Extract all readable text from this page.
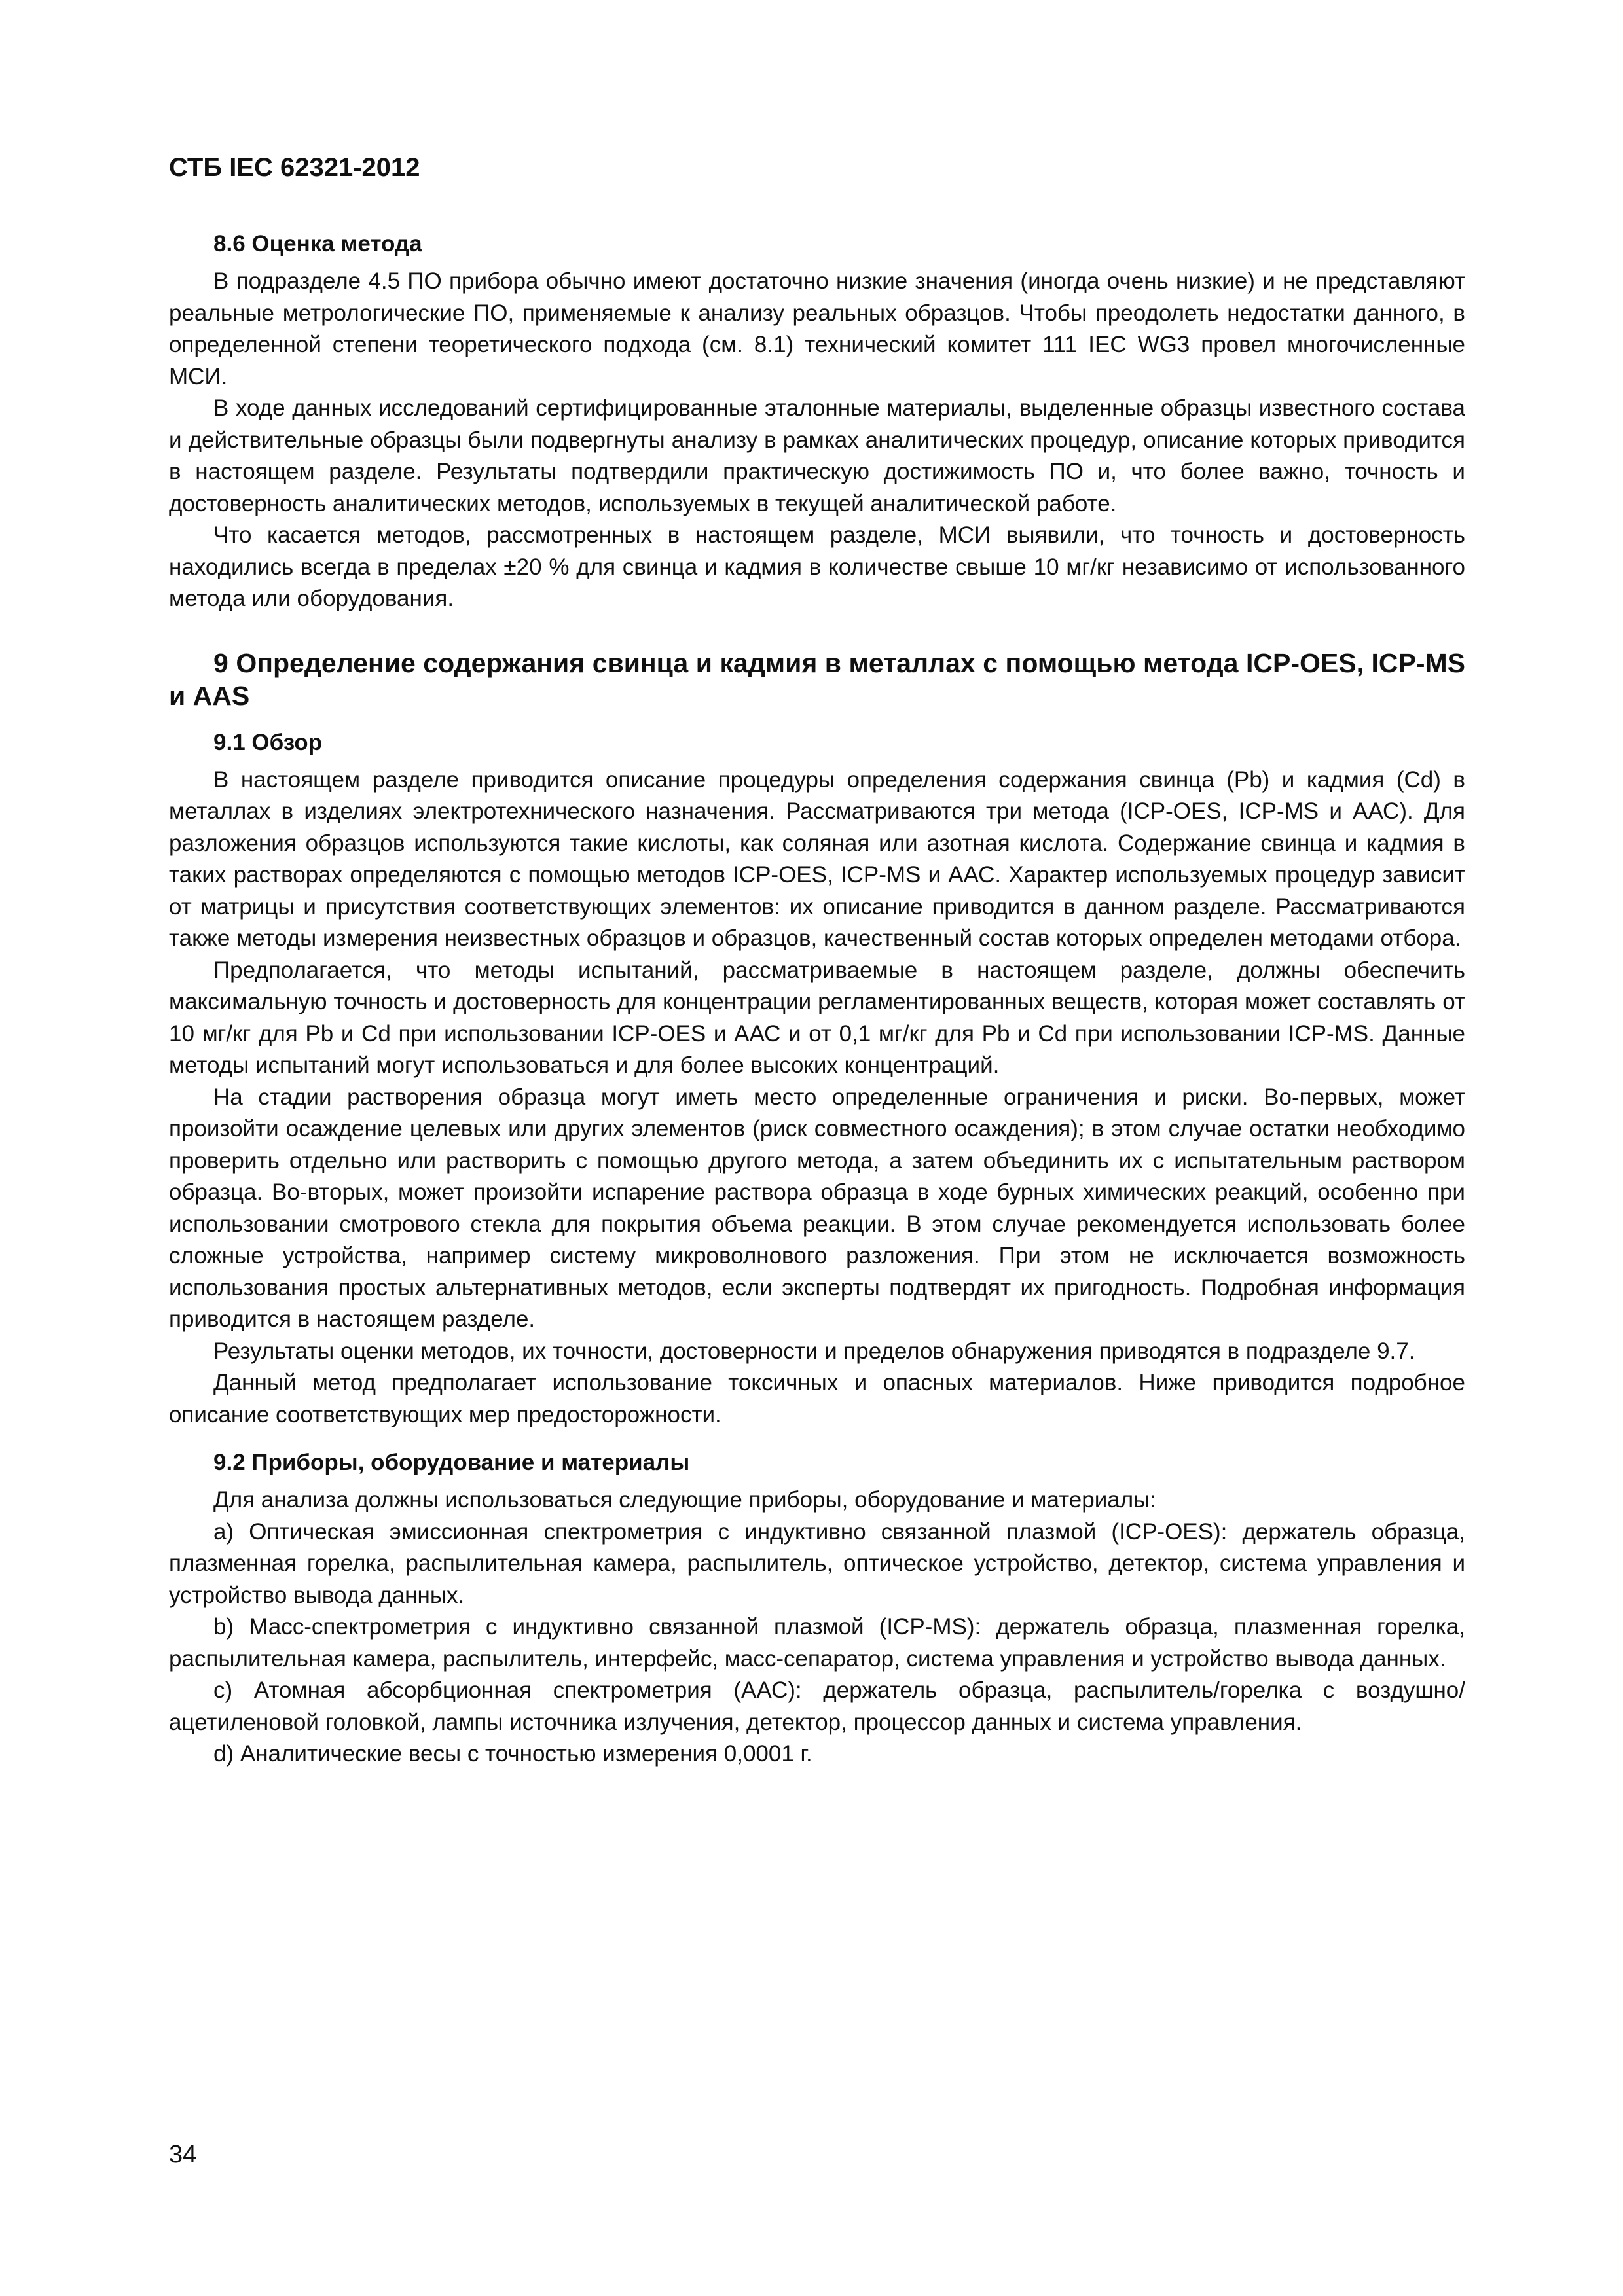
СТБ IEC 62321-2012
8.6 Оценка метода

В подразделе 4.5 ПО прибора обычно имеют достаточно низкие значения (иногда очень низкие) и не представляют реальные метрологические ПО, применяемые к анализу реальных образцов. Чтобы преодолеть недостатки данного, в определенной степени теоретического подхода (см. 8.1) технический комитет 111 IEC WG3 провел многочисленные МСИ.

В ходе данных исследований сертифицированные эталонные материалы, выделенные образцы известного состава и действительные образцы были подвергнуты анализу в рамках аналитических процедур, описание которых приводится в настоящем разделе. Результаты подтвердили практическую достижимость ПО и, что более важно, точность и достоверность аналитических методов, используемых в текущей аналитической работе.

Что касается методов, рассмотренных в настоящем разделе, МСИ выявили, что точность и достоверность находились всегда в пределах ±20 % для свинца и кадмия в количестве свыше 10 мг/кг независимо от использованного метода или оборудования.

9 Определение содержания свинца и кадмия в металлах с помощью метода ICP-OES, ICP-MS и AAS
9.1 Обзор

В настоящем разделе приводится описание процедуры определения содержания свинца (Pb) и кадмия (Cd) в металлах в изделиях электротехнического назначения. Рассматриваются три метода (ICP-OES, ICP-MS и ААС). Для разложения образцов используются такие кислоты, как соляная или азотная кислота. Содержание свинца и кадмия в таких растворах определяются с помощью методов ICP-OES, ICP-MS и ААС. Характер используемых процедур зависит от матрицы и присутствия соответствующих элементов: их описание приводится в данном разделе. Рассматриваются также методы измерения неизвестных образцов и образцов, качественный состав которых определен методами отбора.

Предполагается, что методы испытаний, рассматриваемые в настоящем разделе, должны обеспечить максимальную точность и достоверность для концентрации регламентированных веществ, которая может составлять от 10 мг/кг для Pb и Cd при использовании ICP-OES и ААС и от 0,1 мг/кг для Pb и Cd при использовании ICP-MS. Данные методы испытаний могут использоваться и для более высоких концентраций.

На стадии растворения образца могут иметь место определенные ограничения и риски. Во-первых, может произойти осаждение целевых или других элементов (риск совместного осаждения); в этом случае остатки необходимо проверить отдельно или растворить с помощью другого метода, а затем объединить их с испытательным раствором образца. Во-вторых, может произойти испарение раствора образца в ходе бурных химических реакций, особенно при использовании смотрового стекла для покрытия объема реакции. В этом случае рекомендуется использовать более сложные устройства, например систему микроволнового разложения. При этом не исключается возможность использования простых альтернативных методов, если эксперты подтвердят их пригодность. Подробная информация приводится в настоящем разделе.

Результаты оценки методов, их точности, достоверности и пределов обнаружения приводятся в подразделе 9.7.

Данный метод предполагает использование токсичных и опасных материалов. Ниже приводится подробное описание соответствующих мер предосторожности.

9.2 Приборы, оборудование и материалы

Для анализа должны использоваться следующие приборы, оборудование и материалы:

a) Оптическая эмиссионная спектрометрия с индуктивно связанной плазмой (ICP-OES): держатель образца, плазменная горелка, распылительная камера, распылитель, оптическое устройство, детектор, система управления и устройство вывода данных.

b) Масс-спектрометрия с индуктивно связанной плазмой (ICP-MS): держатель образца, плазменная горелка, распылительная камера, распылитель, интерфейс, масс-сепаратор, система управления и устройство вывода данных.

c) Атомная абсорбционная спектрометрия (ААС): держатель образца, распылитель/горелка с воздушно/ацетиленовой головкой, лампы источника излучения, детектор, процессор данных и система управления.

d) Аналитические весы с точностью измерения 0,0001 г.

34
